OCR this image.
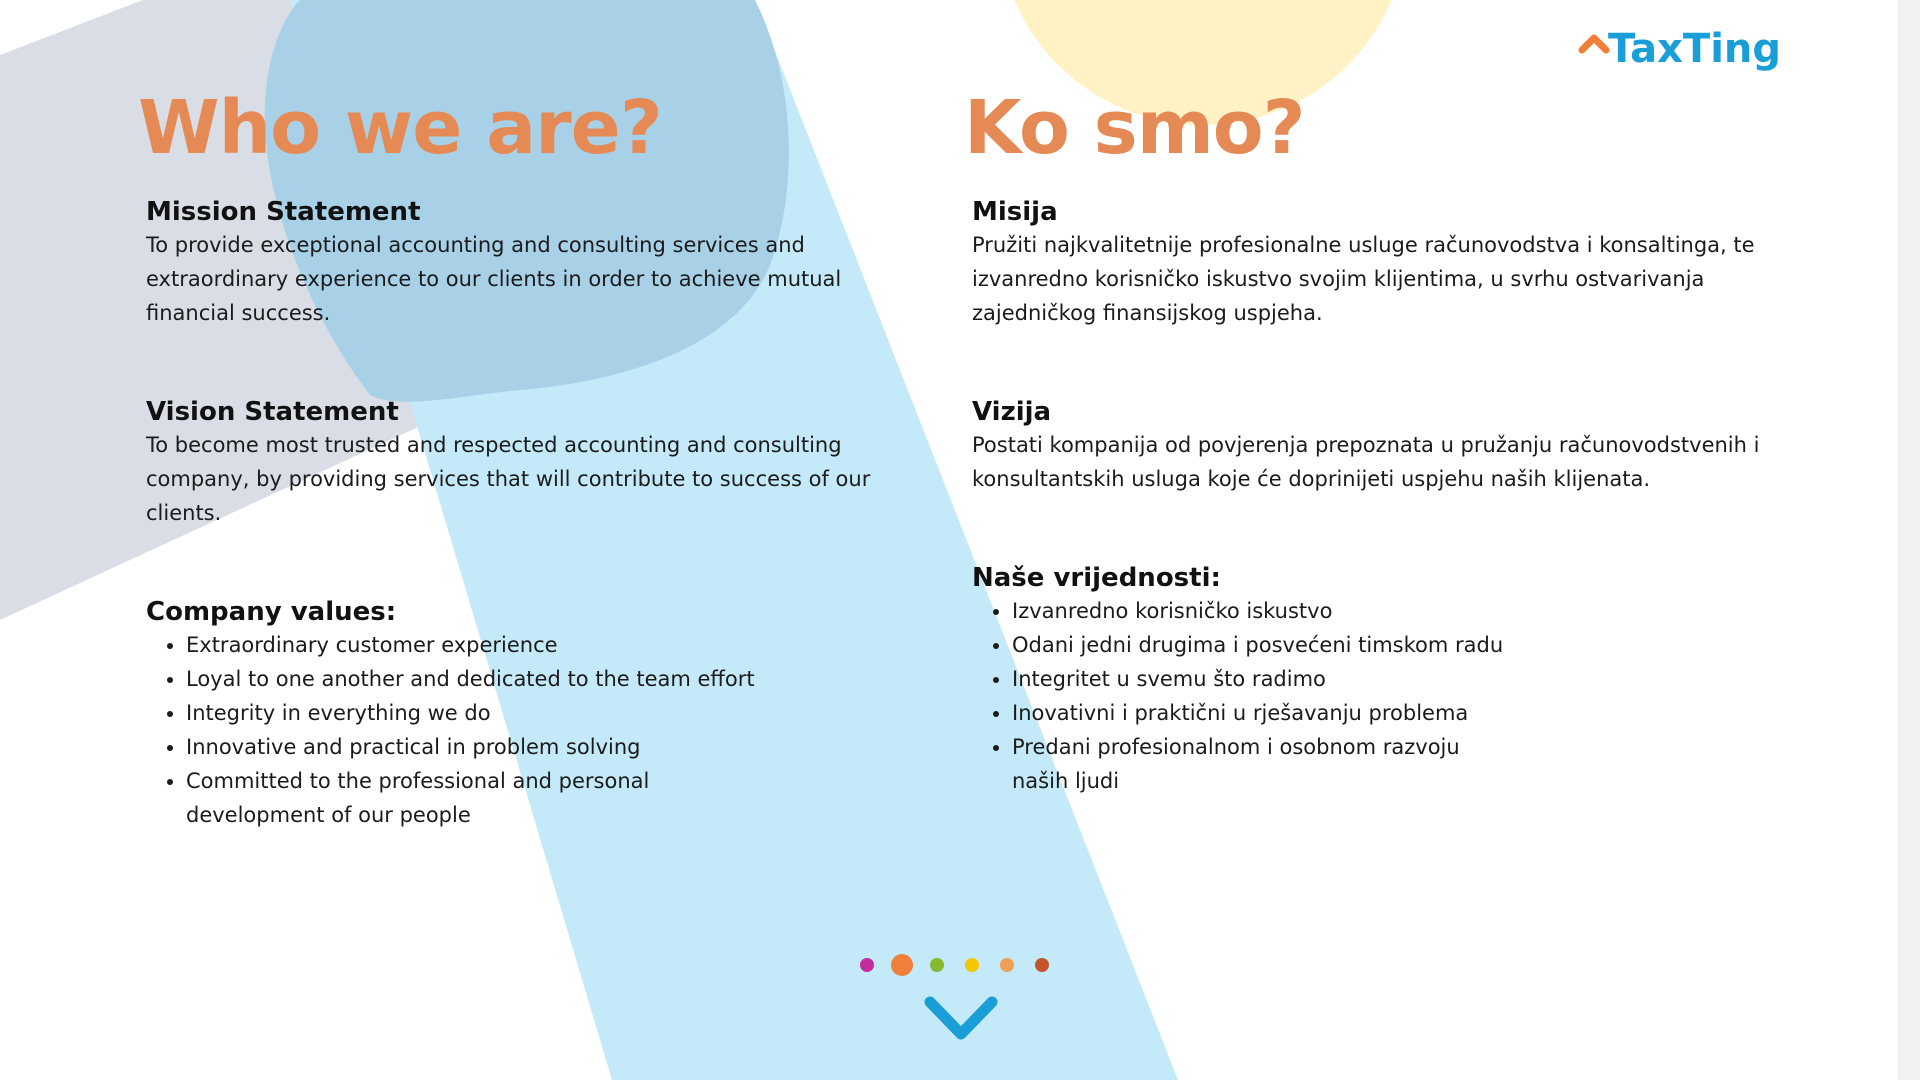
TaxTing
Who we are?
Mission Statement

To provide exceptional accounting and consulting services and extraordinary experience to our clients in order to achieve mutual financial success.

Vision Statement

To become most trusted and respected accounting and consulting company, by providing services that will contribute to success of our clients.

Company values:
• Extraordinary customer experience
• Loyal to one another and dedicated to the team effort
• Integrity in everything we do
• Innovative and practical in problem solving
• Committed to the professional and personal development of our people
Ko smo?
Misija

Pružiti najkvalitetnije profesionalne usluge računovodstva i konsaltinga, te izvanredno korisničko iskustvo svojim klijentima, u svrhu ostvarivanja zajedničkog finansijskog uspjeha.

Vizija

Postati kompanija od povjerenja prepoznata u pružanju računovodstvenih i konsultantskih usluga koje će doprinijeti uspjehu naših klijenata.

Naše vrijednosti:
• Izvanredno korisničko iskustvo
• Odani jedni drugima i posvećeni timskom radu
• Integritet u svemu što radimo
• Inovativni i praktični u rješavanju problema
• Predani profesionalnom i osobnom razvoju naših ljudi
